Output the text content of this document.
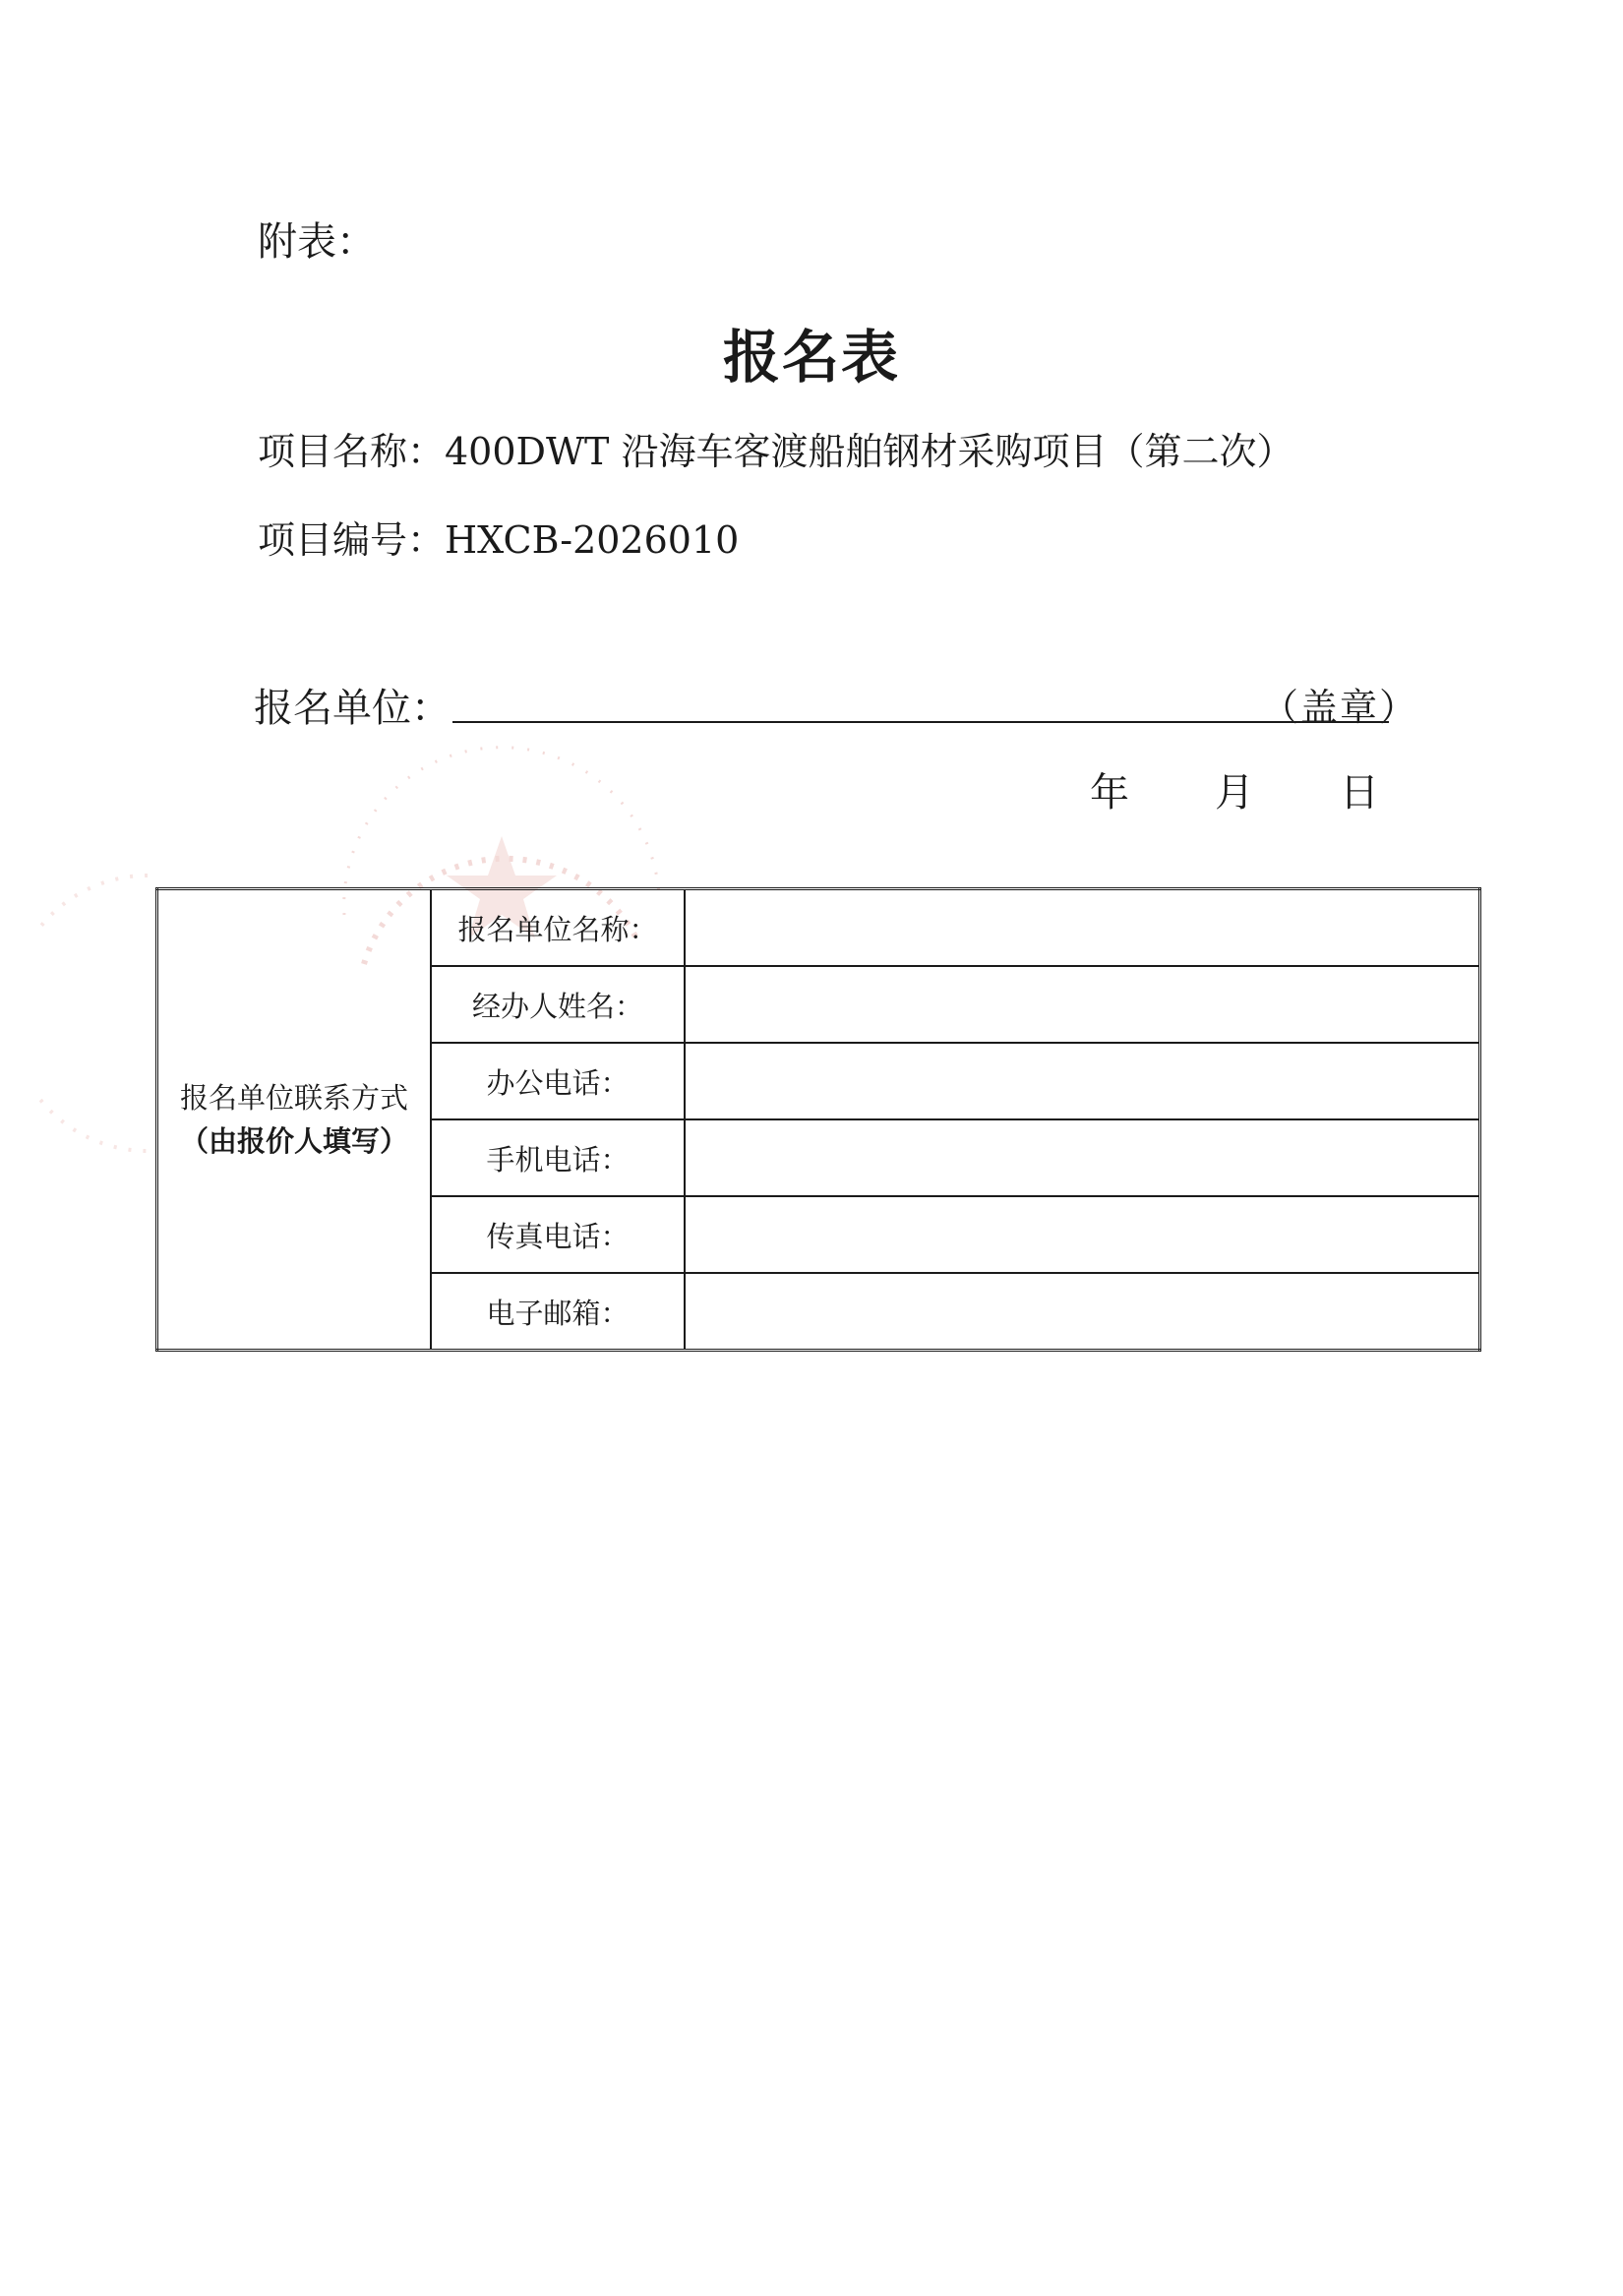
附表：
报名表
项目名称：400DWT 沿海车客渡船舶钢材采购项目（第二次）
项目编号：HXCB-2026010
报名单位：	（盖章）
年 月 日
报名单位联系方式
（由报价人填写）	报名单位名称：	
	经办人姓名：	
	办公电话：	
	手机电话：	
	传真电话：	
	电子邮箱：	
